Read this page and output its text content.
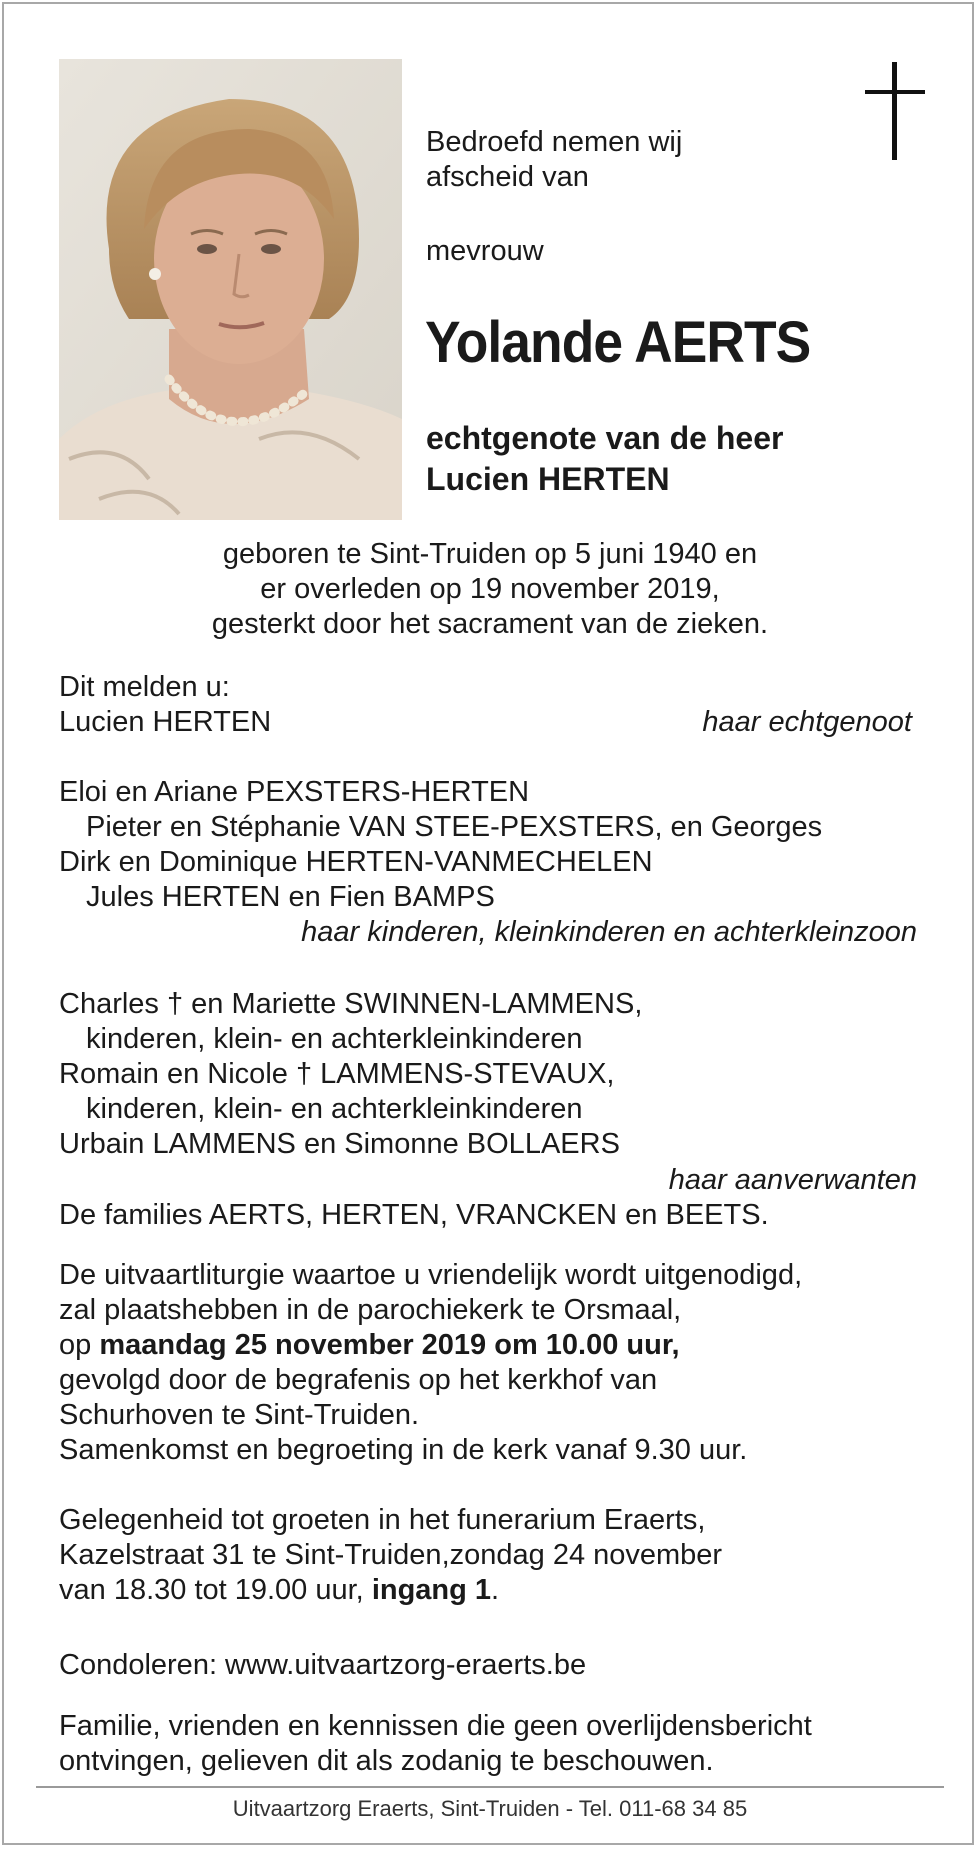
Bedroefd nemen wij

afscheid van

mevrouw

Yolande AERTS

echtgenote van de heer
Lucien HERTEN
geboren te Sint-Truiden op 5 juni 1940 en
er overleden op 19 november 2019,
gesterkt door het sacrament van de zieken.

Dit melden u:

Lucien HERTEN	haar echtgenoot

Eloi en Ariane PEXSTERS-HERTEN

Pieter en Stéphanie VAN STEE-PEXSTERS, en Georges

Dirk en Dominique HERTEN-VANMECHELEN

Jules HERTEN en Fien BAMPS

haar kinderen, kleinkinderen en achterkleinzoon

Charles † en Mariette SWINNEN-LAMMENS,

kinderen, klein- en achterkleinkinderen

Romain en Nicole † LAMMENS-STEVAUX,

kinderen, klein- en achterkleinkinderen

Urbain LAMMENS en Simonne BOLLAERS

haar aanverwanten

De families AERTS, HERTEN, VRANCKEN en BEETS.

De uitvaartliturgie waartoe u vriendelijk wordt uitgenodigd,

zal plaatshebben in de parochiekerk te Orsmaal,

op maandag 25 november 2019 om 10.00 uur,

gevolgd door de begrafenis op het kerkhof van

Schurhoven te Sint-Truiden.

Samenkomst en begroeting in de kerk vanaf 9.30 uur.

Gelegenheid tot groeten in het funerarium Eraerts,

Kazelstraat 31 te Sint-Truiden,zondag 24 november

van 18.30 tot 19.00 uur, ingang 1.

Condoleren: www.uitvaartzorg-eraerts.be

Familie, vrienden en kennissen die geen overlijdensbericht

ontvingen, gelieven dit als zodanig te beschouwen.

Uitvaartzorg Eraerts, Sint-Truiden - Tel. 011-68 34 85
